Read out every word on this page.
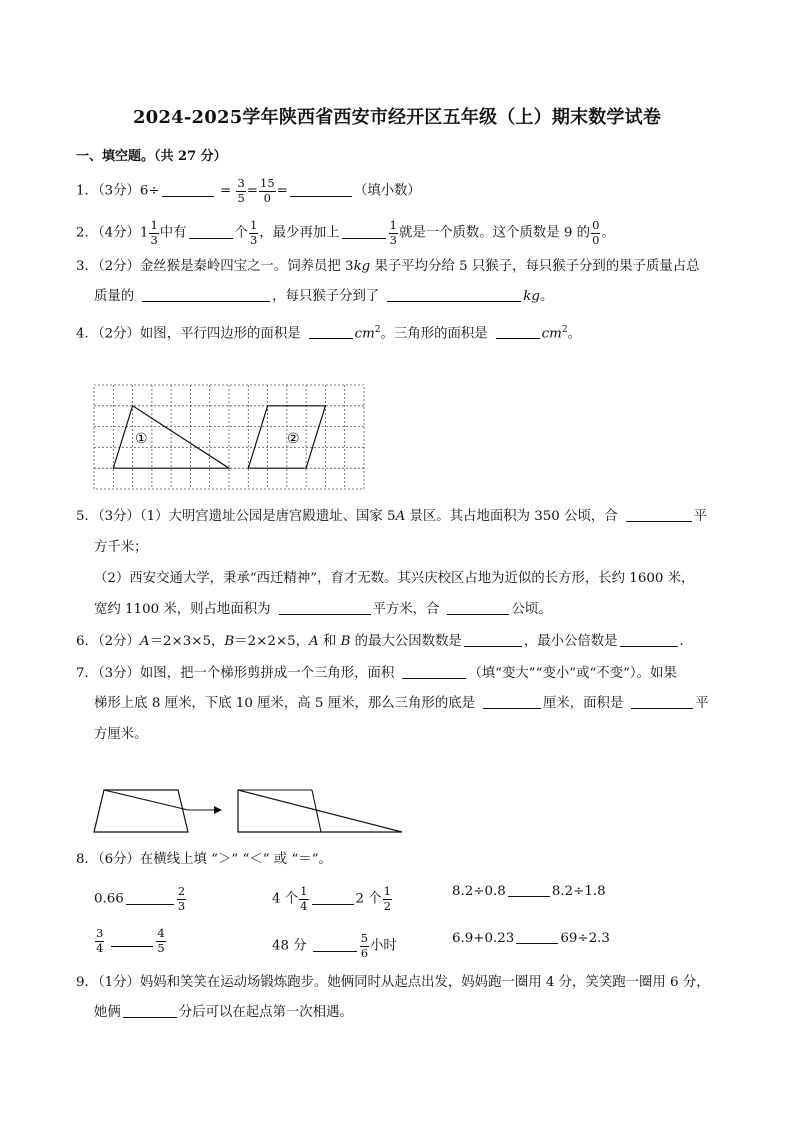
2024-2025学年陕西省西安市经开区五年级（上）期末数学试卷
一、填空题。（共 27 分）
1．（3分）6÷	= $\frac{3}{5} = \frac{15}{0}$ =	（填小数）
2．（4分）$1 \frac{1}{3}$ 中有	个 $\frac{1}{3}$ ，最少再加上	$\frac{1}{3}$ 就是一个质数。这个质数是 9 的 $\frac{0}{0}$ 。
3．（2分）金丝猴是秦岭四宝之一。饲养员把 3kg 果子平均分给 5 只猴子，每只猴子分到的果子质量占总
质量的	，每只猴子分到了	kg。
4．（2分）如图，平行四边形的面积是	$cm^2$。三角形的面积是	$cm^2$。
①	②
5．（3分）（1）大明宫遗址公园是唐宫殿遗址、国家 5A 景区。其占地面积为 350 公顷，合	平
方千米；
（2）西安交通大学，秉承“西迁精神”，育才无数。其兴庆校区占地为近似的长方形，长约 1600 米，
宽约 1100 米，则占地面积为	平方米，合	公顷。
6．（2分）A＝2×3×5，B＝2×2×5，A 和 B 的最大公因数数是	，最小公倍数是	．
7．（3分）如图，把一个梯形剪拼成一个三角形，面积	（填“变大”“变小”或“不变”）。如果
梯形上底 8 厘米，下底 10 厘米，高 5 厘米，那么三角形的底是	厘米，面积是	平
方厘米。
8．（6分）在横线上填 “＞” “＜” 或 “＝”。
0.66	$\frac{2}{3}$	4 个 $\frac{1}{4}$	2 个 $\frac{1}{2}$	8.2÷0.8	8.2÷1.8
$\frac{3}{4}$	$\frac{4}{5}$	48 分	$\frac{5}{6}$ 小时	6.9+0.23	69÷2.3
9．（1分）妈妈和笑笑在运动场锻炼跑步。她俩同时从起点出发，妈妈跑一圈用 4 分，笑笑跑一圈用 6 分，
她俩	分后可以在起点第一次相遇。
